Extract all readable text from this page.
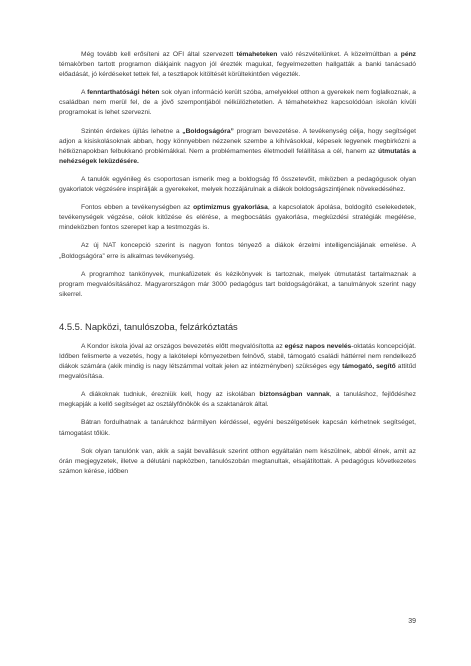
Még tovább kell erősíteni az OFI által szervezett témaheteken való részvételünket. A közelmúltban a pénz témakörben tartott programon diákjaink nagyon jól érezték magukat, fegyelmezetten hallgatták a banki tanácsadó előadását, jó kérdéseket tettek fel, a tesztlapok kitöltését körültekintően végezték.

A fenntarthatósági héten sok olyan információ került szóba, amelyekkel otthon a gyerekek nem foglalkoznak, a családban nem merül fel, de a jövő szempontjából nélkülözhetetlen. A témahetekhez kapcsolódóan iskolán kívüli programokat is lehet szervezni.

Szintén érdekes újítás lehetne a „Boldogságóra” program bevezetése. A tevékenység célja, hogy segítséget adjon a kisiskolásoknak abban, hogy könnyebben nézzenek szembe a kihívásokkal, képesek legyenek megbirkózni a hétköznapokban felbukkanó problémákkal. Nem a problémamentes életmodell felállítása a cél, hanem az útmutatás a nehézségek leküzdésére.

A tanulók egyénileg és csoportosan ismerik meg a boldogság fő összetevőit, miközben a pedagógusok olyan gyakorlatok végzésére inspirálják a gyerekeket, melyek hozzájárulnak a diákok boldogságszintjének növekedéséhez.

Fontos ebben a tevékenységben az optimizmus gyakorlása, a kapcsolatok ápolása, boldogító cselekedetek, tevékenységek végzése, célok kitűzése és elérése, a megbocsátás gyakorlása, megküzdési stratégiák megélése, mindeközben fontos szerepet kap a testmozgás is.

Az új NAT koncepció szerint is nagyon fontos tényező a diákok érzelmi intelligenciájának emelése. A „Boldogságóra” erre is alkalmas tevékenység.

A programhoz tankönyvek, munkafüzetek és kézikönyvek is tartoznak, melyek útmutatást tartalmaznak a program megvalósításához. Magyarországon már 3000 pedagógus tart boldogságórákat, a tanulmányok szerint nagy sikerrel.

4.5.5. Napközi, tanulószoba, felzárkóztatás

A Kondor iskola jóval az országos bevezetés előtt megvalósította az egész napos nevelés-oktatás koncepcióját. Időben felismerte a vezetés, hogy a lakótelepi környezetben felnövő, stabil, támogató családi háttérrel nem rendelkező diákok számára (akik mindig is nagy létszámmal voltak jelen az intézményben) szükséges egy támogató, segítő attitűd megvalósítása.

A diákoknak tudniuk, érezniük kell, hogy az iskolában biztonságban vannak, a tanuláshoz, fejlődéshez megkapják a kellő segítséget az osztályfőnökök és a szaktanárok által.

Bátran fordulhatnak a tanárukhoz bármilyen kérdéssel, egyéni beszélgetések kapcsán kérhetnek segítséget, támogatást tőlük.

Sok olyan tanulónk van, akik a saját bevallásuk szerint otthon egyáltalán nem készülnek, abból élnek, amit az órán megjegyzetek, illetve a délutáni napközben, tanulószobán megtanultak, elsajátítottak. A pedagógus következetes számon kérése, időben

39
